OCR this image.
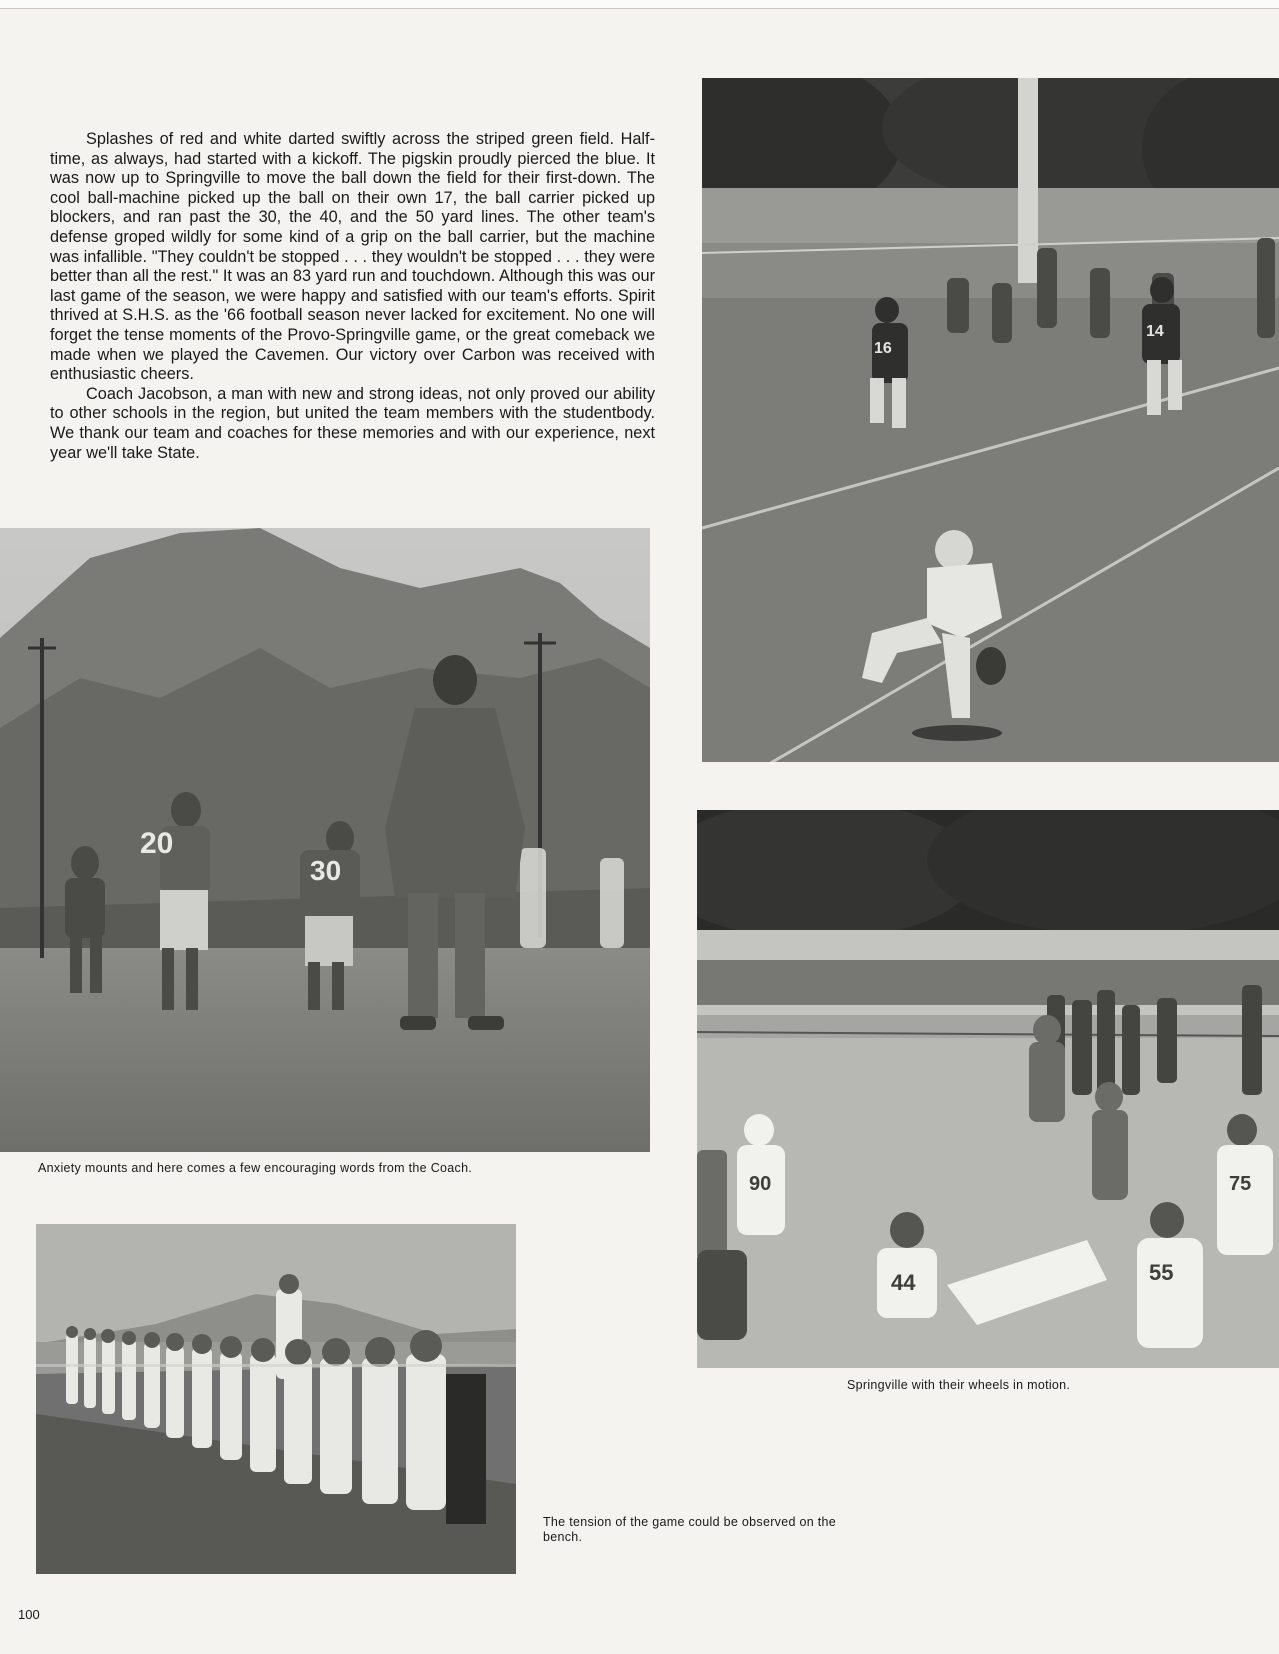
Splashes of red and white darted swiftly across the striped green field. Half-time, as always, had started with a kickoff. The pigskin proudly pierced the blue. It was now up to Springville to move the ball down the field for their first-down. The cool ball-machine picked up the ball on their own 17, the ball carrier picked up blockers, and ran past the 30, the 40, and the 50 yard lines. The other team's defense groped wildly for some kind of a grip on the ball carrier, but the machine was infallible. "They couldn't be stopped . . . they wouldn't be stopped . . . they were better than all the rest." It was an 83 yard run and touchdown. Although this was our last game of the season, we were happy and satisfied with our team's efforts. Spirit thrived at S.H.S. as the '66 football season never lacked for excitement. No one will forget the tense moments of the Provo-Springville game, or the great comeback we made when we played the Cavemen. Our victory over Carbon was received with enthusiastic cheers.

Coach Jacobson, a man with new and strong ideas, not only proved our ability to other schools in the region, but united the team members with the studentbody. We thank our team and coaches for these memories and with our experience, next year we'll take State.

20
30
Anxiety mounts and here comes a few encouraging words from the Coach.
16
14
90
44	55
75
Springville with their wheels in motion.
The tension of the game could be observed on the bench.
100
